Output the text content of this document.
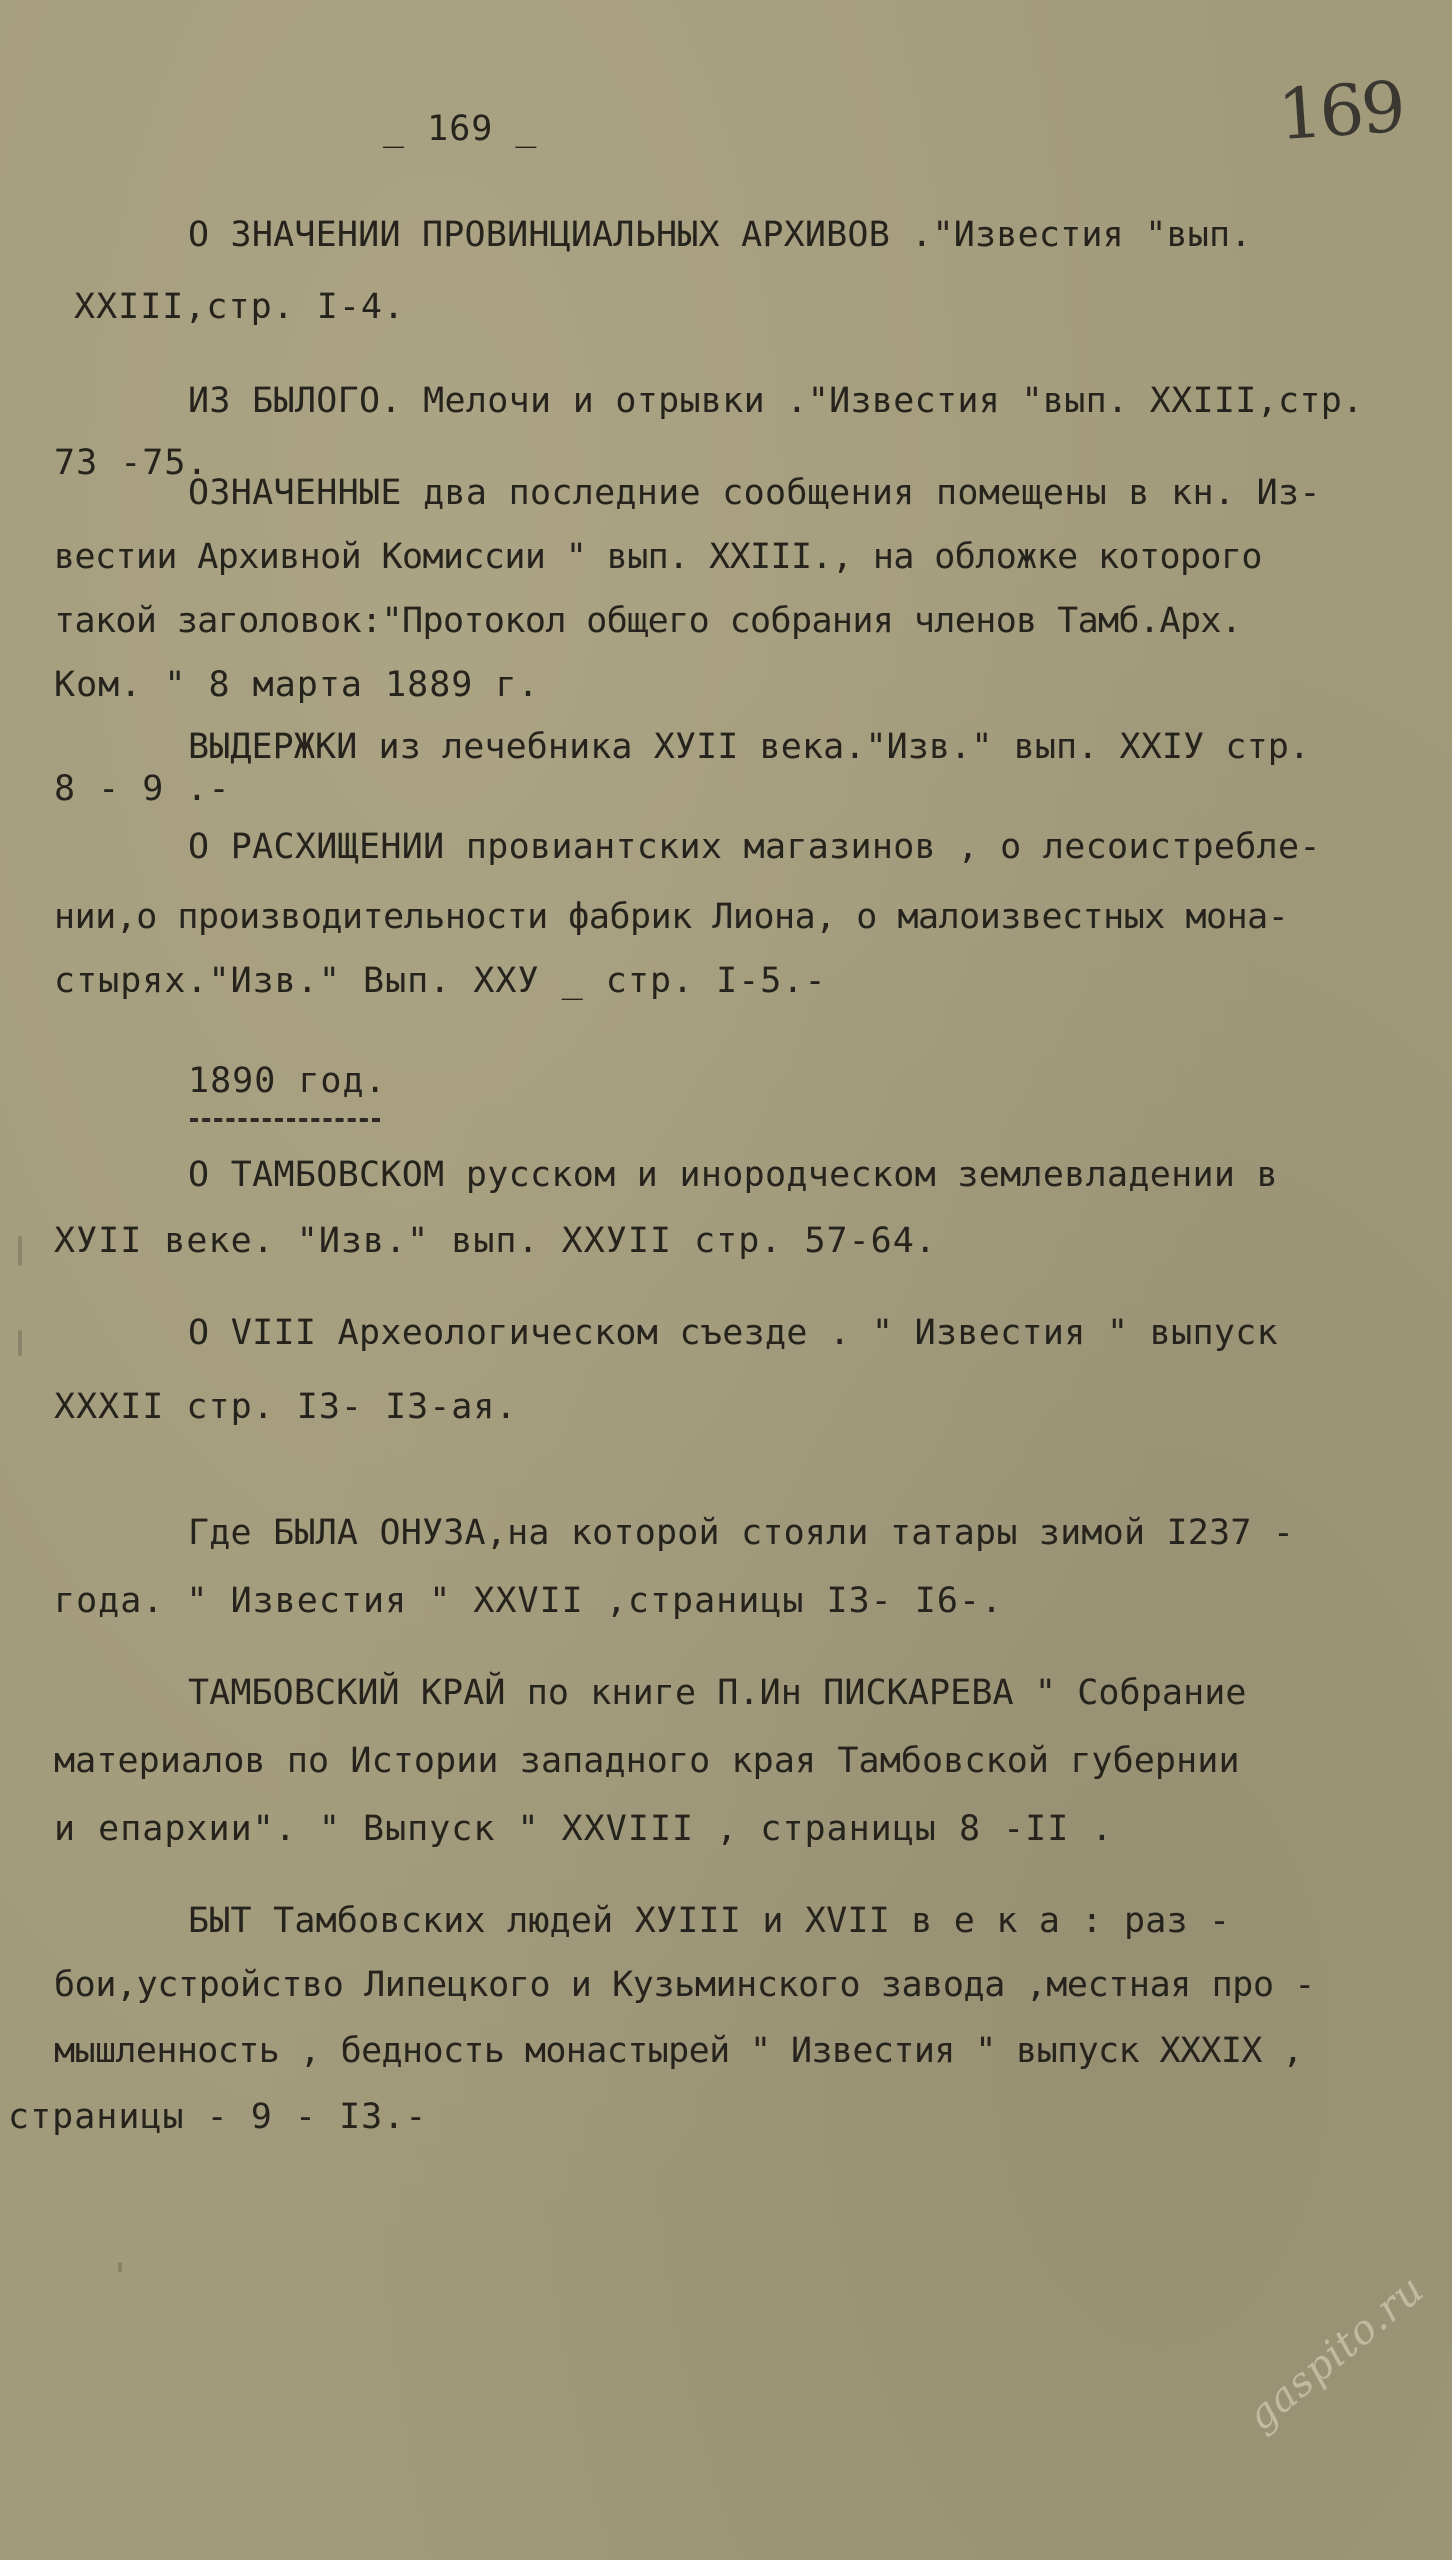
_ 169 _	169
О ЗНАЧЕНИИ ПРОВИНЦИАЛЬНЫХ АРХИВОВ ."Известия "вып.
XXIII,стр. I-4.
ИЗ БЫЛОГО. Мелочи и отрывки ."Известия "вып. XXIII,стр.
73 -75.
ОЗНАЧЕННЫЕ два последние сообщения помещены в кн. Из-
вестии Архивной Комиссии " вып. XXIII., на обложке которого
такой заголовок:"Протокол общего собрания членов Тамб.Арх.
Ком. " 8 марта 1889 г.
ВЫДЕРЖКИ из лечебника XУII века."Изв." вып. XXIУ стр.
8 - 9 .-
О РАСХИЩЕНИИ провиантских магазинов , о лесоистребле-
нии,о производительности фабрик Лиона, о малоизвестных мона-
стырях."Изв." Вып. XXУ _ стр. I-5.-
1890 год.
О ТАМБОВСКОМ русском и инородческом землевладении в
XУII веке. "Изв." вып. XXУII стр. 57-64.
О VIII Археологическом съезде . " Известия " выпуск
XXXII стр. I3- I3-ая.
Где БЫЛА ОНУЗА,на которой стояли татары зимой I237 -
года. " Известия " XXVII ,страницы I3- I6-.
ТАМБОВСКИЙ КРАЙ по книге П.Ин ПИСКАРЕВА " Собрание
материалов по Истории западного края Тамбовской губернии
и епархии". " Выпуск " XXVIII , страницы 8 -II .
БЫТ Тамбовских людей XУIII и XVII в е к а : раз -
бои,устройство Липецкого и Кузьминского завода ,местная про -
мышленность , бедность монастырей " Известия " выпуск XXXIX ,
страницы - 9 - I3.-
gaspito.ru
